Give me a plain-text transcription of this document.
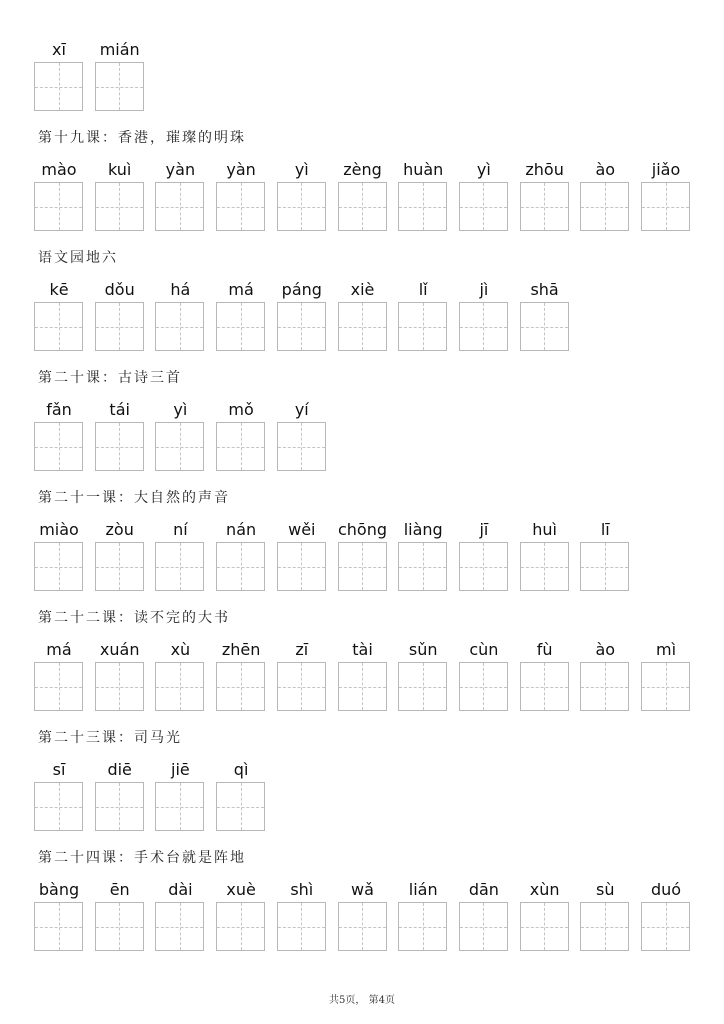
xī	mián
第十九课：香港，璀璨的明珠
mào	kuì	yàn	yàn	yì	zèng	huàn	yì	zhōu	ào	jiǎo
语文园地六
kē	dǒu	há	má	páng	xiè	lǐ	jì	shā
第二十课：古诗三首
fǎn	tái	yì	mǒ	yí
第二十一课：大自然的声音
miào	zòu	ní	nán	wěi	chōng	liàng	jī	huì	lī
第二十二课：读不完的大书
má	xuán	xù	zhēn	zī	tài	sǔn	cùn	fù	ào	mì
第二十三课：司马光
sī	diē	jiē	qì
第二十四课：手术台就是阵地
bàng	ēn	dài	xuè	shì	wǎ	lián	dān	xùn	sù	duó
共5页， 第4页
